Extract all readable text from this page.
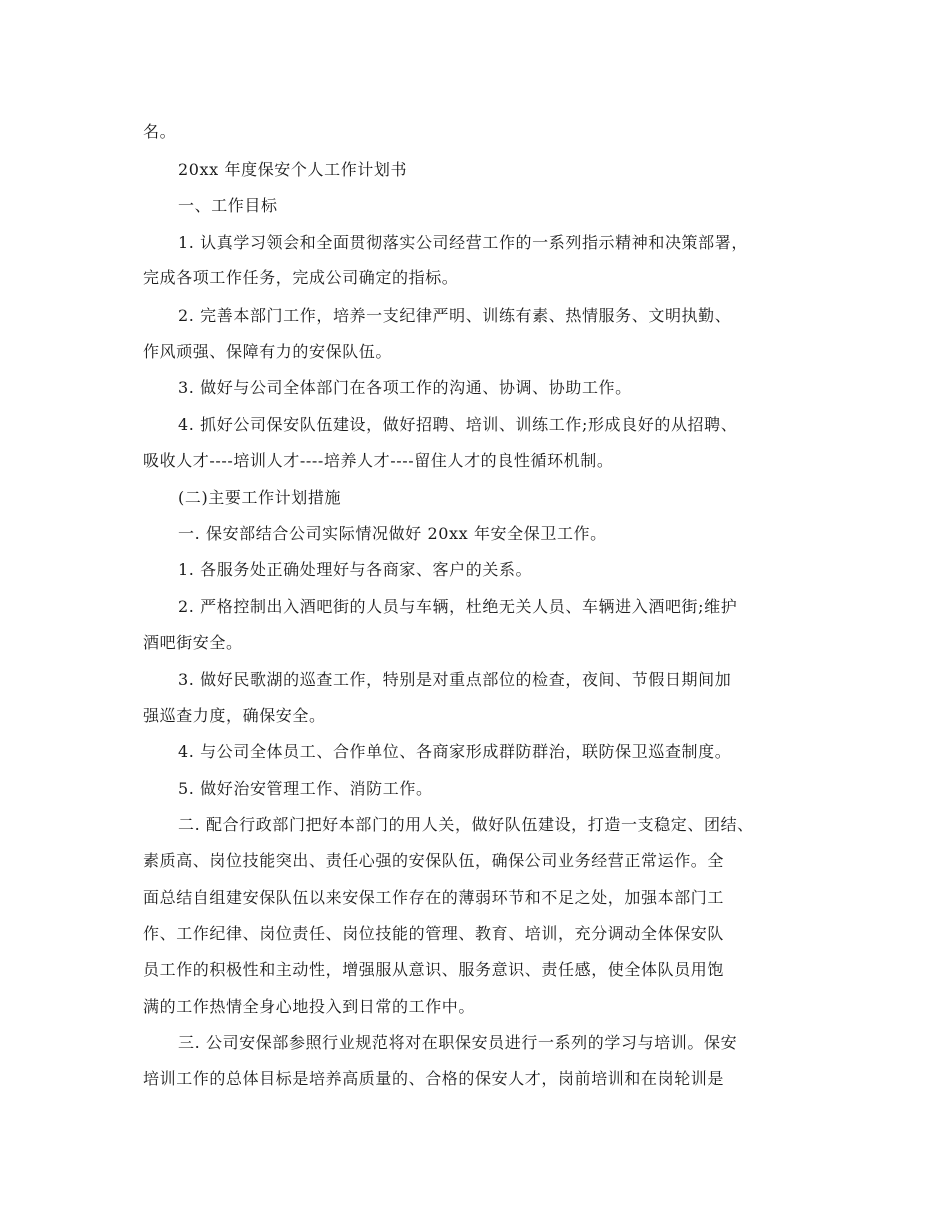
名。
20xx 年度保安个人工作计划书
一、工作目标
1. 认真学习领会和全面贯彻落实公司经营工作的一系列指示精神和决策部署，
完成各项工作任务，完成公司确定的指标。
2. 完善本部门工作，培养一支纪律严明、训练有素、热情服务、文明执勤、
作风顽强、保障有力的安保队伍。
3. 做好与公司全体部门在各项工作的沟通、协调、协助工作。
4. 抓好公司保安队伍建设，做好招聘、培训、训练工作;形成良好的从招聘、
吸收人才----培训人才----培养人才----留住人才的良性循环机制。
(二)主要工作计划措施
一. 保安部结合公司实际情况做好 20xx 年安全保卫工作。
1. 各服务处正确处理好与各商家、客户的关系。
2. 严格控制出入酒吧街的人员与车辆，杜绝无关人员、车辆进入酒吧街;维护
酒吧街安全。
3. 做好民歌湖的巡查工作，特别是对重点部位的检查，夜间、节假日期间加
强巡查力度，确保安全。
4. 与公司全体员工、合作单位、各商家形成群防群治，联防保卫巡查制度。
5. 做好治安管理工作、消防工作。
二. 配合行政部门把好本部门的用人关，做好队伍建设，打造一支稳定、团结、
素质高、岗位技能突出、责任心强的安保队伍，确保公司业务经营正常运作。全
面总结自组建安保队伍以来安保工作存在的薄弱环节和不足之处，加强本部门工
作、工作纪律、岗位责任、岗位技能的管理、教育、培训，充分调动全体保安队
员工作的积极性和主动性，增强服从意识、服务意识、责任感，使全体队员用饱
满的工作热情全身心地投入到日常的工作中。
三. 公司安保部参照行业规范将对在职保安员进行一系列的学习与培训。保安
培训工作的总体目标是培养高质量的、合格的保安人才，岗前培训和在岗轮训是
